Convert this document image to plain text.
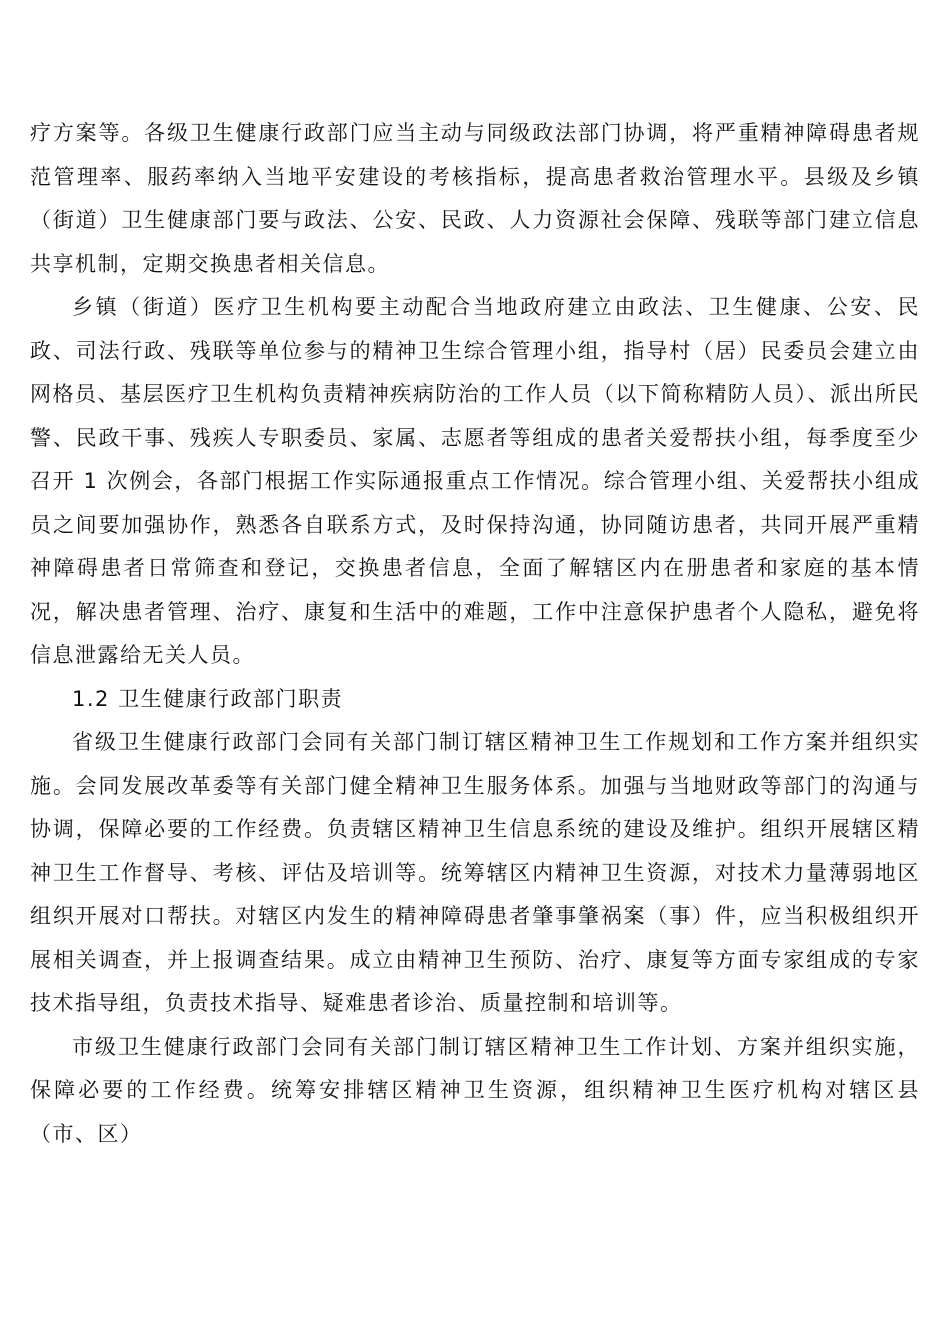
疗方案等。各级卫生健康行政部门应当主动与同级政法部门协调，将严重精神障碍患者规范管理率、服药率纳入当地平安建设的考核指标，提高患者救治管理水平。县级及乡镇（街道）卫生健康部门要与政法、公安、民政、人力资源社会保障、残联等部门建立信息共享机制，定期交换患者相关信息。

乡镇（街道）医疗卫生机构要主动配合当地政府建立由政法、卫生健康、公安、民政、司法行政、残联等单位参与的精神卫生综合管理小组，指导村（居）民委员会建立由网格员、基层医疗卫生机构负责精神疾病防治的工作人员（以下简称精防人员）、派出所民警、民政干事、残疾人专职委员、家属、志愿者等组成的患者关爱帮扶小组，每季度至少召开 1 次例会，各部门根据工作实际通报重点工作情况。综合管理小组、关爱帮扶小组成员之间要加强协作，熟悉各自联系方式，及时保持沟通，协同随访患者，共同开展严重精神障碍患者日常筛查和登记，交换患者信息，全面了解辖区内在册患者和家庭的基本情况，解决患者管理、治疗、康复和生活中的难题，工作中注意保护患者个人隐私，避免将信息泄露给无关人员。

1.2 卫生健康行政部门职责

省级卫生健康行政部门会同有关部门制订辖区精神卫生工作规划和工作方案并组织实施。会同发展改革委等有关部门健全精神卫生服务体系。加强与当地财政等部门的沟通与协调，保障必要的工作经费。负责辖区精神卫生信息系统的建设及维护。组织开展辖区精神卫生工作督导、考核、评估及培训等。统筹辖区内精神卫生资源，对技术力量薄弱地区组织开展对口帮扶。对辖区内发生的精神障碍患者肇事肇祸案（事）件，应当积极组织开展相关调查，并上报调查结果。成立由精神卫生预防、治疗、康复等方面专家组成的专家技术指导组，负责技术指导、疑难患者诊治、质量控制和培训等。

市级卫生健康行政部门会同有关部门制订辖区精神卫生工作计划、方案并组织实施，保障必要的工作经费。统筹安排辖区精神卫生资源，组织精神卫生医疗机构对辖区县（市、区）
